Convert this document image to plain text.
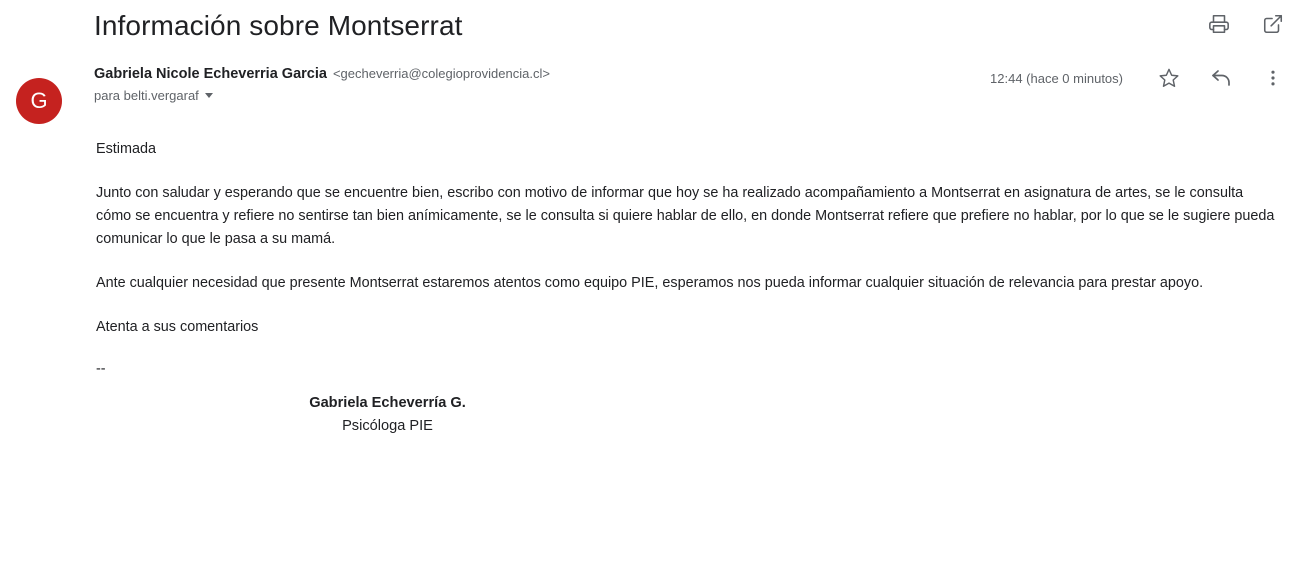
Información sobre Montserrat
G
Gabriela Nicole Echeverria Garcia <gecheverria@colegioprovidencia.cl>	12:44 (hace 0 minutos)
para belti.vergaraf

Estimada

Junto con saludar y esperando que se encuentre bien, escribo con motivo de informar que hoy se ha realizado acompañamiento a Montserrat en asignatura de artes, se le consulta cómo se encuentra y refiere no sentirse tan bien anímicamente, se le consulta si quiere hablar de ello, en donde Montserrat refiere que prefiere no hablar, por lo que se le sugiere pueda comunicar lo que le pasa a su mamá.

Ante cualquier necesidad que presente Montserrat estaremos atentos como equipo PIE, esperamos nos pueda informar cualquier situación de relevancia para prestar apoyo.

Atenta a sus comentarios

--
Gabriela Echeverría G.
Psicóloga PIE
